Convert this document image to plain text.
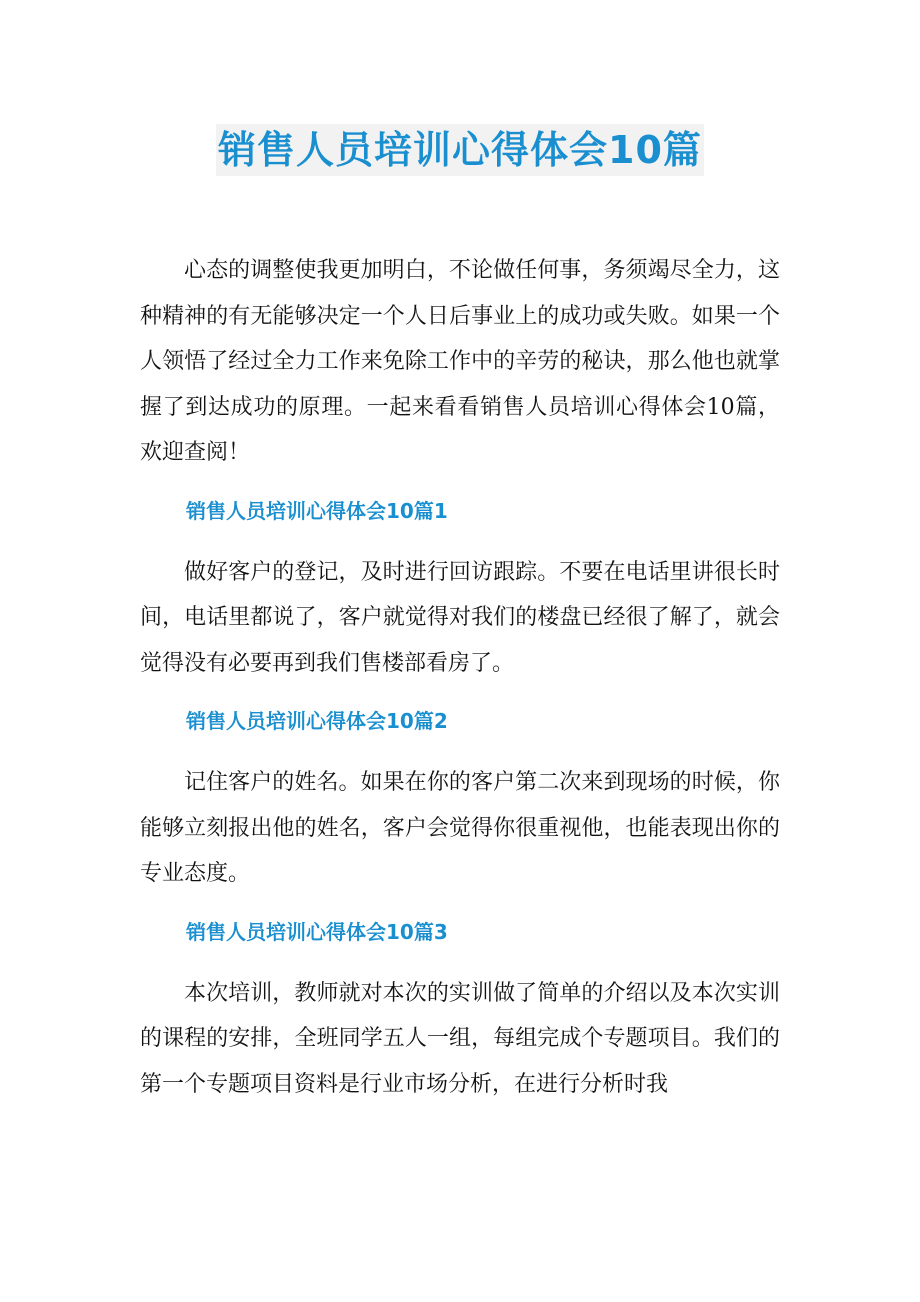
销售人员培训心得体会10篇

心态的调整使我更加明白，不论做任何事，务须竭尽全力，这种精神的有无能够决定一个人日后事业上的成功或失败。如果一个人领悟了经过全力工作来免除工作中的辛劳的秘诀，那么他也就掌握了到达成功的原理。一起来看看销售人员培训心得体会10篇，欢迎查阅！

销售人员培训心得体会10篇1

做好客户的登记，及时进行回访跟踪。不要在电话里讲很长时间，电话里都说了，客户就觉得对我们的楼盘已经很了解了，就会觉得没有必要再到我们售楼部看房了。

销售人员培训心得体会10篇2

记住客户的姓名。如果在你的客户第二次来到现场的时候，你能够立刻报出他的姓名，客户会觉得你很重视他，也能表现出你的专业态度。

销售人员培训心得体会10篇3

本次培训，教师就对本次的实训做了简单的介绍以及本次实训的课程的安排，全班同学五人一组，每组完成个专题项目。我们的第一个专题项目资料是行业市场分析，在进行分析时我
